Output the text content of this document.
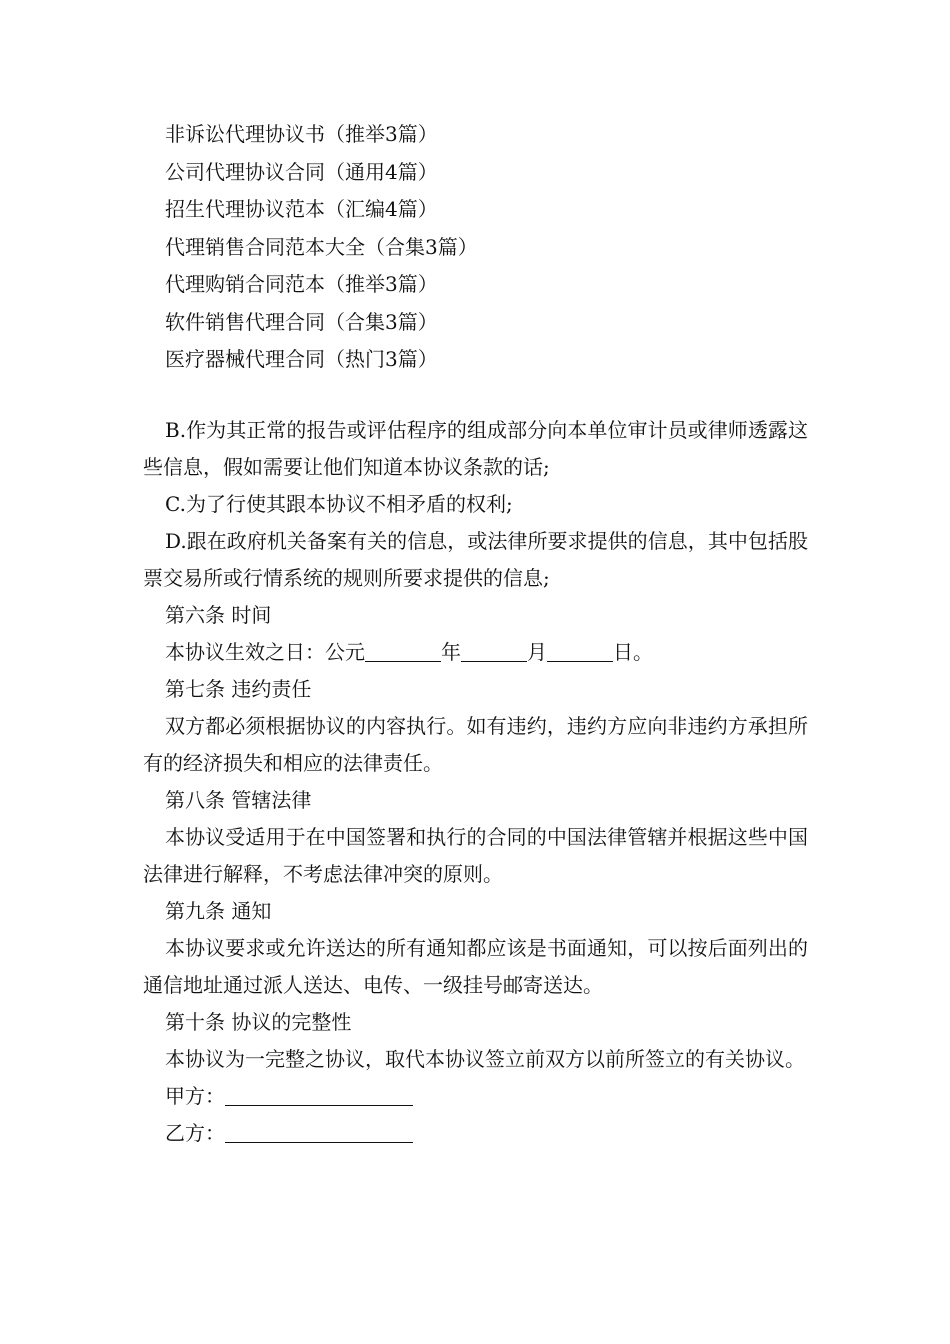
非诉讼代理协议书（推举3篇）
公司代理协议合同（通用4篇）
招生代理协议范本（汇编4篇）
代理销售合同范本大全（合集3篇）
代理购销合同范本（推举3篇）
软件销售代理合同（合集3篇）
医疗器械代理合同（热门3篇）

B.作为其正常的报告或评估程序的组成部分向本单位审计员或律师透露这些信息，假如需要让他们知道本协议条款的话;

C.为了行使其跟本协议不相矛盾的权利;

D.跟在政府机关备案有关的信息，或法律所要求提供的信息，其中包括股票交易所或行情系统的规则所要求提供的信息;

第六条 时间

本协议生效之日：公元	年	月	日。

第七条 违约责任

双方都必须根据协议的内容执行。如有违约，违约方应向非违约方承担所有的经济损失和相应的法律责任。

第八条 管辖法律

本协议受适用于在中国签署和执行的合同的中国法律管辖并根据这些中国法律进行解释，不考虑法律冲突的原则。

第九条 通知

本协议要求或允许送达的所有通知都应该是书面通知，可以按后面列出的通信地址通过派人送达、电传、一级挂号邮寄送达。

第十条 协议的完整性

本协议为一完整之协议，取代本协议签立前双方以前所签立的有关协议。

甲方：

乙方：
